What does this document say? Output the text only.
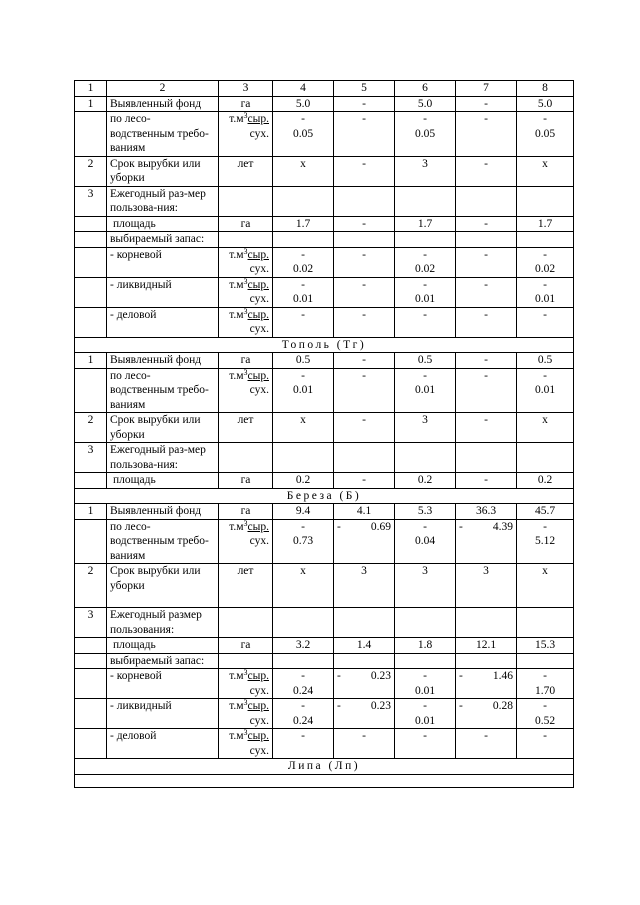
1	2	3	4	5	6	7	8
1	Выявленный фонд	га	5.0	-	5.0	-	5.0
	по лесо-	$т.м^3сыр$.	-	-	-	-	-
	водственным требо-	сух.	0.05		0.05		0.05
	ваниям						
2	Срок вырубки или	лет	х	-	3	-	х
	уборки						
3	Ежегодный раз-мер						
	пользова-ния:						
	площадь	га	1.7	-	1.7	-	1.7
	выбираемый запас:						
	- корневой	$т.м^3сыр$.	-	-	-	-	-
		сух.	0.02		0.02		0.02
	- ликвидный	$т.м^3сыр$.	-	-	-	-	-
		сух.	0.01		0.01		0.01
	- деловой	$т.м^3сыр$.	-	-	-	-	-
		сух.					
Тополь (Тг)							
1	Выявленный фонд	га	0.5	-	0.5	-	0.5
	по лесо-	$т.м^3сыр$.	-	-	-	-	-
	водственным требо-	сух.	0.01		0.01		0.01
	ваниям						
2	Срок вырубки или	лет	х	-	3	-	х
	уборки						
3	Ежегодный раз-мер						
	пользова-ния:						
	площадь	га	0.2	-	0.2	-	0.2
Береза (Б)							
1	Выявленный фонд	га	9.4	4.1	5.3	36.3	45.7
	по лесо-	$т.м^3сыр$.	-	- 0.69	-	- 4.39	-
	водственным требо-	сух.	0.73		0.04		5.12
	ваниям						
2	Срок вырубки или	лет	х	3	3	3	х
	уборки						
3	Ежегодный размер						
	пользования:						
	площадь	га	3.2	1.4	1.8	12.1	15.3
	выбираемый запас:						
	- корневой	$т.м^3сыр$.	-	- 0.23	-	- 1.46	-
		сух.	0.24		0.01		1.70
	- ликвидный	$т.м^3сыр$.	-	- 0.23	-	- 0.28	-
		сух.	0.24		0.01		0.52
	- деловой	$т.м^3сыр$.	-	-	-	-	-
		сух.					
Липа (Лп)							
